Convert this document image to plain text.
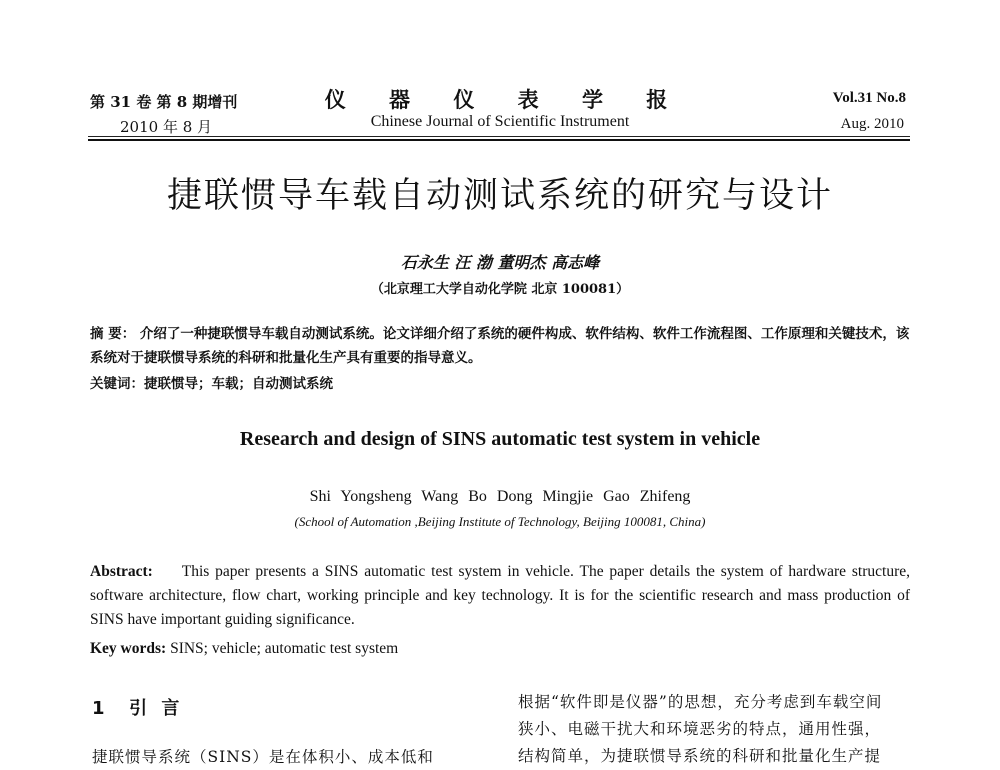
第 31 卷 第 8 期增刊
2010 年 8 月
仪 器 仪 表 学 报
Chinese Journal of Scientific Instrument
Vol.31 No.8
Aug. 2010
捷联惯导车载自动测试系统的研究与设计
石永生 汪 渤 董明杰 高志峰
（北京理工大学自动化学院 北京 100081）
摘 要： 介绍了一种捷联惯导车载自动测试系统。论文详细介绍了系统的硬件构成、软件结构、软件工作流程图、工作原理和关键技术，该系统对于捷联惯导系统的科研和批量化生产具有重要的指导意义。
关键词：捷联惯导；车载；自动测试系统
Research and design of SINS automatic test system in vehicle
Shi Yongsheng Wang Bo Dong Mingjie Gao Zhifeng
(School of Automation ,Beijing Institute of Technology, Beijing 100081, China)
Abstract: This paper presents a SINS automatic test system in vehicle. The paper details the system of hardware structure, software architecture, flow chart, working principle and key technology. It is for the scientific research and mass production of SINS have important guiding significance.
Key words: SINS; vehicle; automatic test system
1 引 言
捷联惯导系统（SINS）是在体积小、成本低和
根据“软件即是仪器”的思想，充分考虑到车载空间
狭小、电磁干扰大和环境恶劣的特点，通用性强，
结构简单，为捷联惯导系统的科研和批量化生产提
